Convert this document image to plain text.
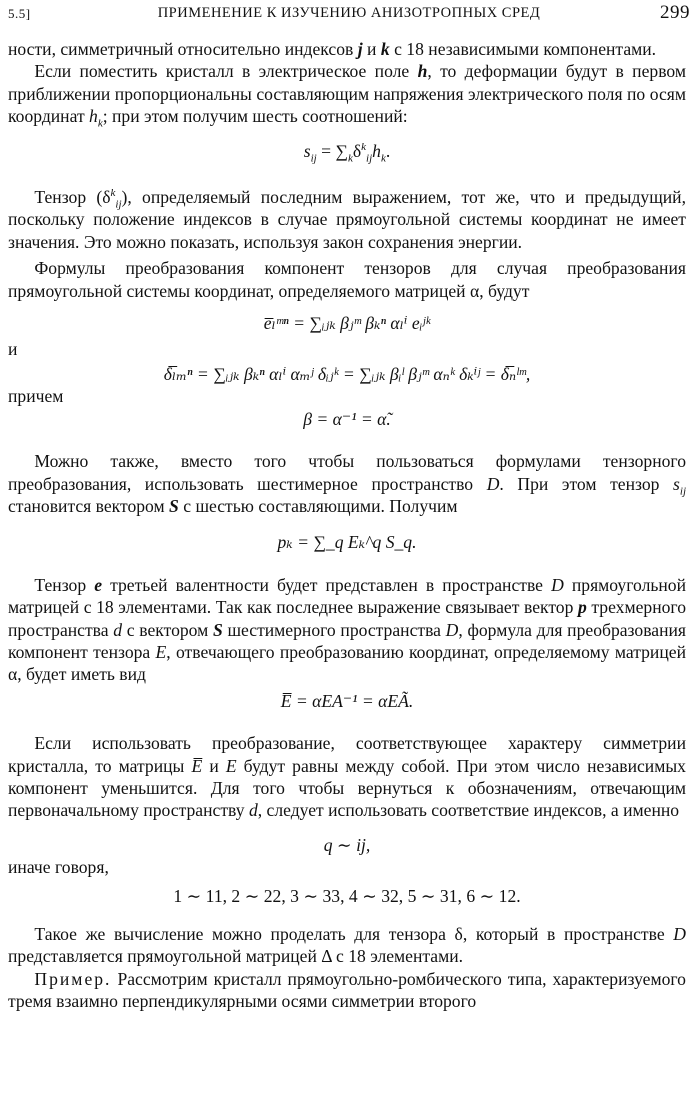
5.5]	ПРИМЕНЕНИЕ К ИЗУЧЕНИЮ АНИЗОТРОПНЫХ СРЕД	299

ности, симметричный относительно индексов j и k с 18 независимыми компонентами.

Если поместить кристалл в электрическое поле h, то деформации будут в первом приближении пропорциональны составляющим напряжения электрического поля по осям координат $h_k$; при этом получим шесть соотношений:

$s_{ij} = \sum_k\delta^k_{ij}h_k$.

Тензор $(\delta^k_{ij})$, определяемый последним выражением, тот же, что и предыдущий, поскольку положение индексов в случае прямоугольной системы координат не имеет значения. Это можно показать, используя закон сохранения энергии.

Формулы преобразования компонент тензоров для случая преобразования прямоугольной системы координат, определяемого матрицей α, будут

e̅ₗᵐⁿ = ∑ᵢⱼₖ βⱼᵐ βₖⁿ αₗⁱ eᵢʲᵏ

и

δ̅ₗₘⁿ = ∑ᵢⱼₖ βₖⁿ αₗⁱ αₘʲ δᵢⱼᵏ = ∑ᵢⱼₖ βᵢˡ βⱼᵐ αₙᵏ δₖⁱʲ = δ̅ₙˡᵐ,

причем

β = α⁻¹ = α̃.

Можно также, вместо того чтобы пользоваться формулами тензорного преобразования, использовать шестимерное пространство D. При этом тензор $s_{ij}$ становится вектором S с шестью составляющими. Получим

pₖ = ∑_q Eₖ^q S_q.

Тензор e третьей валентности будет представлен в пространстве D прямоугольной матрицей с 18 элементами. Так как последнее выражение связывает вектор p трехмерного пространства d с вектором S шестимерного пространства D, формула для преобразования компонент тензора E, отвечающего преобразованию координат, определяемому матрицей α, будет иметь вид

E̅ = αEA⁻¹ = αEÃ.

Если использовать преобразование, соответствующее характеру симметрии кристалла, то матрицы E̅ и E будут равны между собой. При этом число независимых компонент уменьшится. Для того чтобы вернуться к обозначениям, отвечающим первоначальному пространству d, следует использовать соответствие индексов, а именно

q ∼ ij,

иначе говоря,

1 ∼ 11, 2 ∼ 22, 3 ∼ 33, 4 ∼ 32, 5 ∼ 31, 6 ∼ 12.

Такое же вычисление можно проделать для тензора δ, который в пространстве D представляется прямоугольной матрицей Δ с 18 элементами.

Пример. Рассмотрим кристалл прямоугольно-ромбического типа, характеризуемого тремя взаимно перпендикулярными осями симметрии второго
